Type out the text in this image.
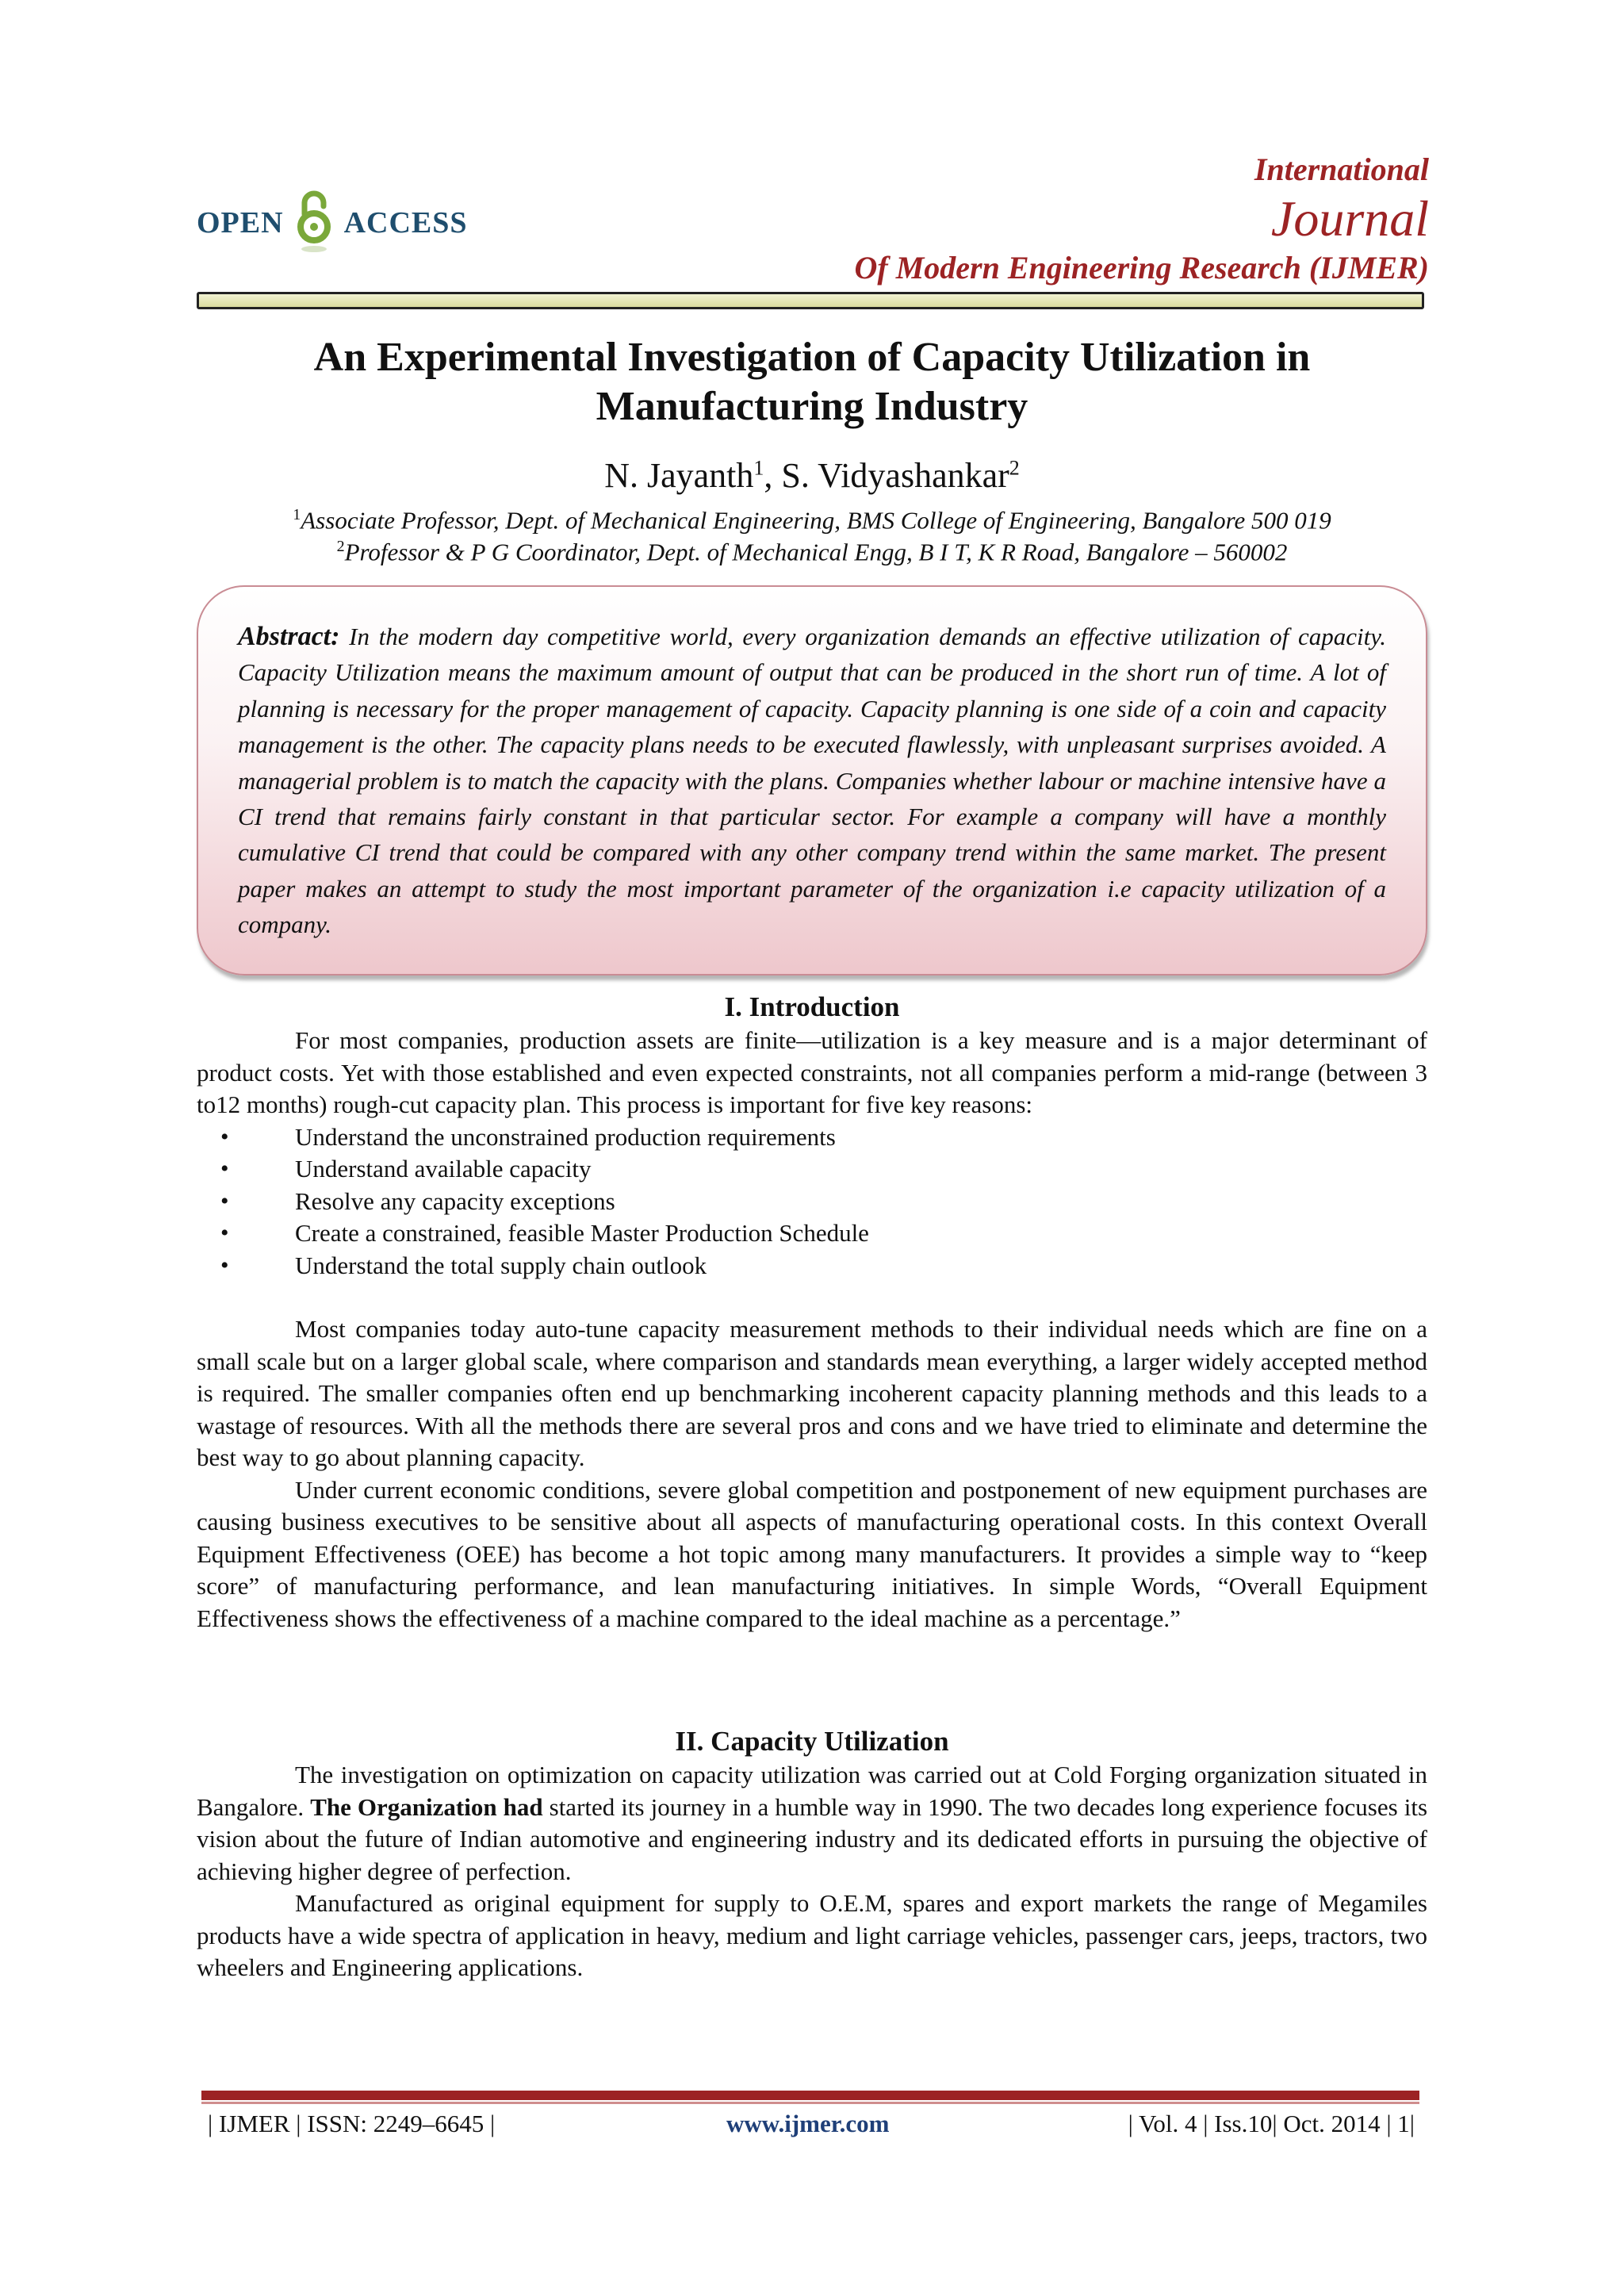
OPEN ACCESS
International
Journal
Of Modern Engineering Research (IJMER)
An Experimental Investigation of Capacity Utilization in
Manufacturing Industry
N. Jayanth$^1$, S. Vidyashankar$^2$
$^1$Associate Professor, Dept. of Mechanical Engineering, BMS College of Engineering, Bangalore 500 019
$^2$Professor & P G Coordinator, Dept. of Mechanical Engg, B I T, K R Road, Bangalore – 560002
Abstract: In the modern day competitive world, every organization demands an effective utilization of capacity. Capacity Utilization means the maximum amount of output that can be produced in the short run of time. A lot of planning is necessary for the proper management of capacity. Capacity planning is one side of a coin and capacity management is the other. The capacity plans needs to be executed flawlessly, with unpleasant surprises avoided. A managerial problem is to match the capacity with the plans. Companies whether labour or machine intensive have a CI trend that remains fairly constant in that particular sector. For example a company will have a monthly cumulative CI trend that could be compared with any other company trend within the same market. The present paper makes an attempt to study the most important parameter of the organization i.e capacity utilization of a company.
I. Introduction

For most companies, production assets are finite—utilization is a key measure and is a major determinant of product costs. Yet with those established and even expected constraints, not all companies perform a mid-range (between 3 to12 months) rough-cut capacity plan. This process is important for five key reasons:

• Understand the unconstrained production requirements
• Understand available capacity
• Resolve any capacity exceptions
• Create a constrained, feasible Master Production Schedule
• Understand the total supply chain outlook

Most companies today auto-tune capacity measurement methods to their individual needs which are fine on a small scale but on a larger global scale, where comparison and standards mean everything, a larger widely accepted method is required. The smaller companies often end up benchmarking incoherent capacity planning methods and this leads to a wastage of resources. With all the methods there are several pros and cons and we have tried to eliminate and determine the best way to go about planning capacity.

Under current economic conditions, severe global competition and postponement of new equipment purchases are causing business executives to be sensitive about all aspects of manufacturing operational costs. In this context Overall Equipment Effectiveness (OEE) has become a hot topic among many manufacturers. It provides a simple way to “keep score” of manufacturing performance, and lean manufacturing initiatives. In simple Words, “Overall Equipment Effectiveness shows the effectiveness of a machine compared to the ideal machine as a percentage.”

II. Capacity Utilization

The investigation on optimization on capacity utilization was carried out at Cold Forging organization situated in Bangalore. The Organization had started its journey in a humble way in 1990. The two decades long experience focuses its vision about the future of Indian automotive and engineering industry and its dedicated efforts in pursuing the objective of achieving higher degree of perfection.

Manufactured as original equipment for supply to O.E.M, spares and export markets the range of Megamiles products have a wide spectra of application in heavy, medium and light carriage vehicles, passenger cars, jeeps, tractors, two wheelers and Engineering applications.

| IJMER | ISSN: 2249–6645 |	www.ijmer.com	| Vol. 4 | Iss.10| Oct. 2014 | 1|
